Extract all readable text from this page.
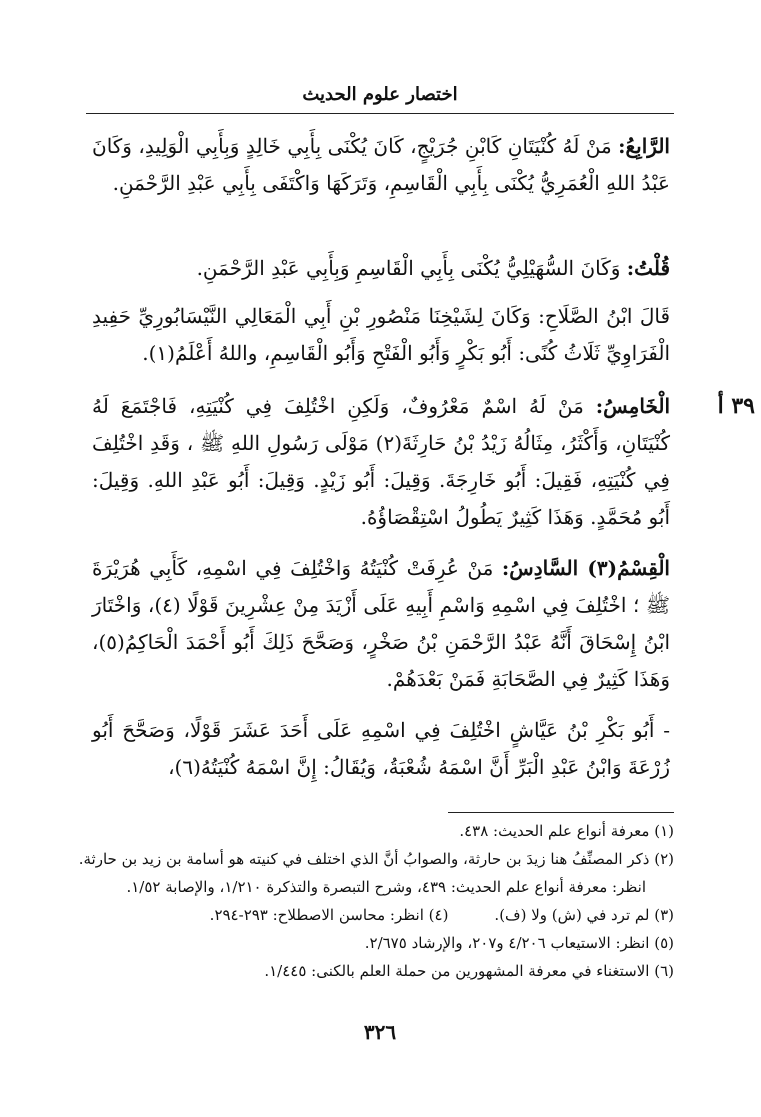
اختصار علوم الحديث
٣٩ أ

الرَّابِعُ: مَنْ لَهُ كُنْيَتَانِ كَابْنِ جُرَيْجٍ، كَانَ يُكْنَى بِأَبِي خَالِدٍ وَبِأَبِي الْوَلِيدِ، وَكَانَ عَبْدُ اللهِ الْعُمَرِيُّ يُكْنَى بِأَبِي الْقَاسِمِ، وَتَرَكَهَا وَاكْتَفَى بِأَبِي عَبْدِ الرَّحْمَنِ.

قُلْتُ: وَكَانَ السُّهَيْلِيُّ يُكْنَى بِأَبِي الْقَاسِمِ وَبِأَبِي عَبْدِ الرَّحْمَنِ.

قَالَ ابْنُ الصَّلَاحِ: وَكَانَ لِشَيْخِنَا مَنْصُورِ بْنِ أَبِي الْمَعَالِي النَّيْسَابُورِيِّ حَفِيدِ الْفَرَاوِيِّ ثَلَاثُ كُنًى: أَبُو بَكْرٍ وَأَبُو الْفَتْحِ وَأَبُو الْقَاسِمِ، واللهُ أَعْلَمُ(١).

الْخَامِسُ: مَنْ لَهُ اسْمٌ مَعْرُوفٌ، وَلَكِنِ اخْتُلِفَ فِي كُنْيَتِهِ، فَاجْتَمَعَ لَهُ كُنْيَتَانِ، وَأَكْثَرُ، مِثَالُهُ زَيْدُ بْنُ حَارِثَةَ(٢) مَوْلَى رَسُولِ اللهِ ﷺ ، وَقَدِ اخْتُلِفَ فِي كُنْيَتِهِ، فَقِيلَ: أَبُو خَارِجَةَ. وَقِيلَ: أَبُو زَيْدٍ. وَقِيلَ: أَبُو عَبْدِ اللهِ. وَقِيلَ: أَبُو مُحَمَّدٍ. وَهَذَا كَثِيرٌ يَطُولُ اسْتِقْصَاؤُهُ.

الْقِسْمُ(٣) السَّادِسُ: مَنْ عُرِفَتْ كُنْيَتُهُ وَاخْتُلِفَ فِي اسْمِهِ، كَأَبِي هُرَيْرَةَ ﷺ ؛ اخْتُلِفَ فِي اسْمِهِ وَاسْمِ أَبِيهِ عَلَى أَزْيَدَ مِنْ عِشْرِينَ قَوْلًا (٤)، وَاخْتَارَ ابْنُ إِسْحَاقَ أَنَّهُ عَبْدُ الرَّحْمَنِ بْنُ صَخْرٍ، وَصَحَّحَ ذَلِكَ أَبُو أَحْمَدَ الْحَاكِمُ(٥)، وَهَذَا كَثِيرٌ فِي الصَّحَابَةِ فَمَنْ بَعْدَهُمْ.

- أَبُو بَكْرِ بْنُ عَيَّاشٍ اخْتُلِفَ فِي اسْمِهِ عَلَى أَحَدَ عَشَرَ قَوْلًا، وَصَحَّحَ أَبُو زُرْعَةَ وَابْنُ عَبْدِ الْبَرِّ أَنَّ اسْمَهُ شُعْبَةُ، وَيُقَالُ: إِنَّ اسْمَهُ كُنْيَتُهُ(٦)،

(١) معرفة أنواع علم الحديث: ٤٣٨.

(٢) ذكر المصنِّفُ هنا زيدَ بن حارثة، والصوابُ أنَّ الذي اختلف في كنيته هو أسامة بن زيد بن حارثة.

انظر: معرفة أنواع علم الحديث: ٤٣٩، وشرح التبصرة والتذكرة ١/٢١٠، والإصابة ١/٥٢.

(٣) لم ترد في (ش) ولا (ف).
(٤) انظر: محاسن الاصطلاح: ٢٩٣-٢٩٤.

(٥) انظر: الاستيعاب ٤/٢٠٦ و٢٠٧، والإرشاد ٢/٦٧٥.

(٦) الاستغناء في معرفة المشهورين من حملة العلم بالكنى: ١/٤٤٥.

٣٢٦
